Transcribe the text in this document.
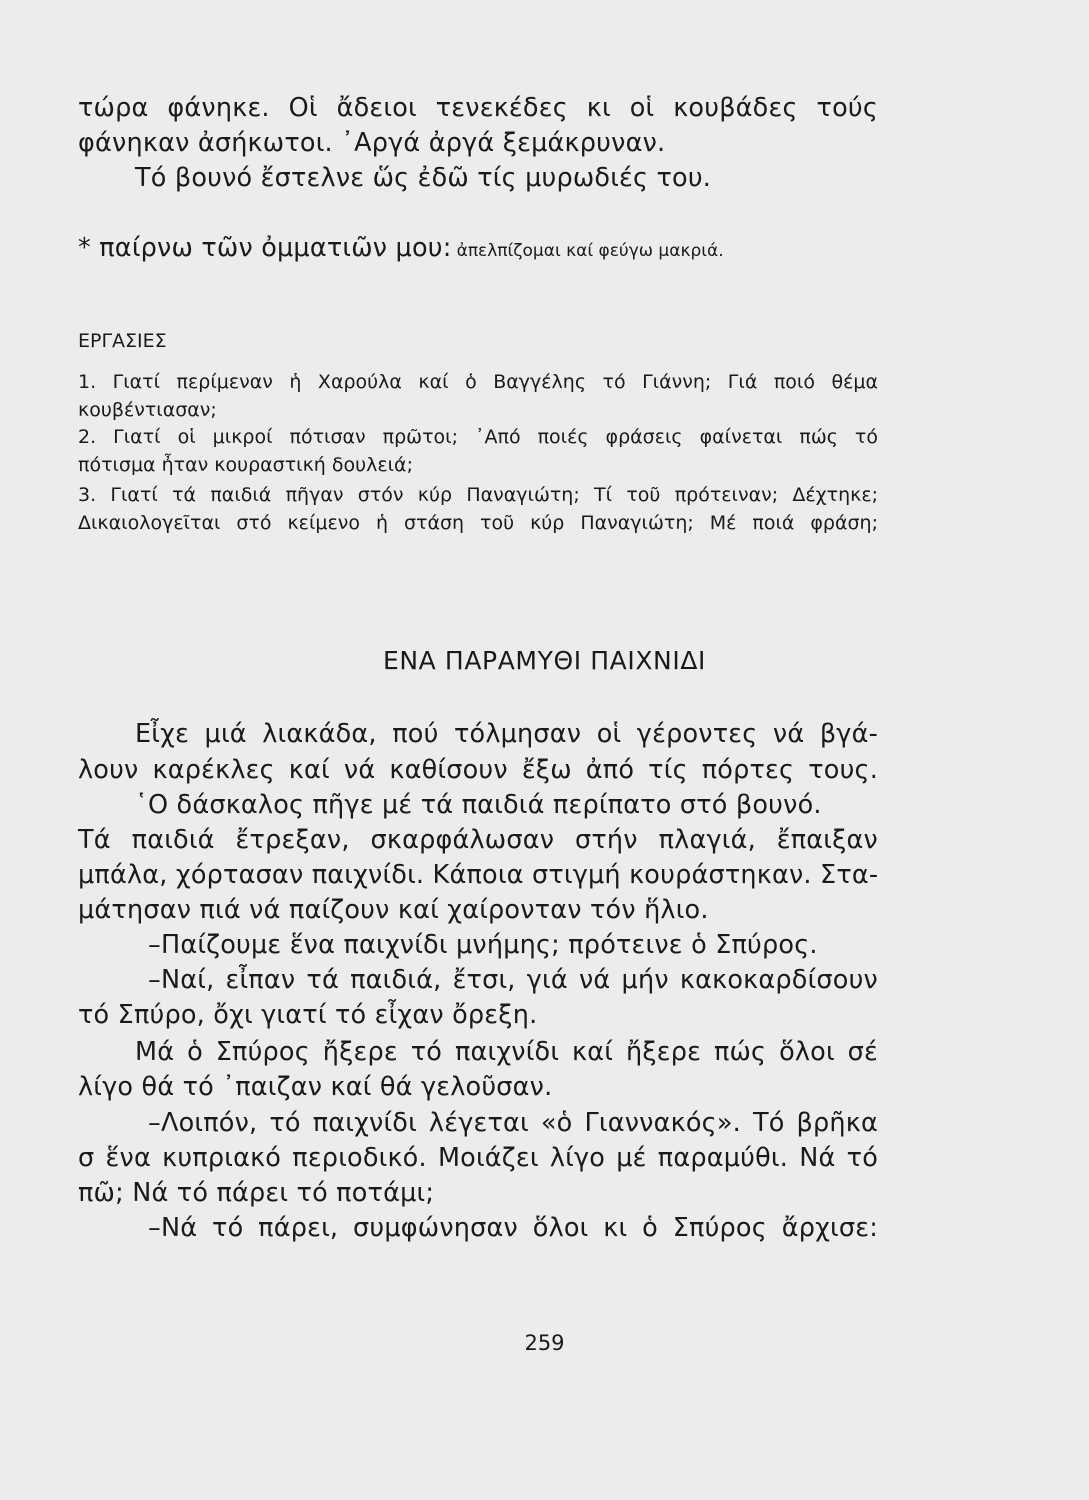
τώρα φάνηκε. Οἱ ἄδειοι τενεκέδες κι οἱ κουβάδες τούς

φάνηκαν ἀσήκωτοι. ᾿Αργά ἀργά ξεμάκρυναν.

Τό βουνό ἔστελνε ὥς ἐδῶ τίς μυρωδιές του.

* παίρνω τῶν ὀμματιῶν μου: ἀπελπίζομαι καί φεύγω μακριά.

ΕΡΓΑΣΙΕΣ

1. Γιατί περίμεναν ἡ Χαρούλα καί ὁ Βαγγέλης τό Γιάννη; Γιά ποιό θέμα

κουβέντιασαν;

2. Γιατί οἱ μικροί πότισαν πρῶτοι; ᾿Από ποιές φράσεις φαίνεται πώς τό

πότισμα ἦταν κουραστική δουλειά;

3. Γιατί τά παιδιά πῆγαν στόν κύρ Παναγιώτη; Τί τοῦ πρότειναν; Δέχτηκε;

Δικαιολογεῖται στό κείμενο ἡ στάση τοῦ κύρ Παναγιώτη; Μέ ποιά φράση;

ΕΝΑ ΠΑΡΑΜΥΘΙ ΠΑΙΧΝΙΔΙ

Εἶχε μιά λιακάδα, πού τόλμησαν οἱ γέροντες νά βγά-

λουν καρέκλες καί νά καθίσουν ἔξω ἀπό τίς πόρτες τους.

῾Ο δάσκαλος πῆγε μέ τά παιδιά περίπατο στό βουνό.

Τά παιδιά ἔτρεξαν, σκαρφάλωσαν στήν πλαγιά, ἔπαιξαν

μπάλα, χόρτασαν παιχνίδι. Κάποια στιγμή κουράστηκαν. Στα-

μάτησαν πιά νά παίζουν καί χαίρονταν τόν ἥλιο.

–Παίζουμε ἕνα παιχνίδι μνήμης; πρότεινε ὁ Σπύρος.

–Ναί, εἶπαν τά παιδιά, ἔτσι, γιά νά μήν κακοκαρδίσουν

τό Σπύρο, ὄχι γιατί τό εἶχαν ὄρεξη.

Μά ὁ Σπύρος ἤξερε τό παιχνίδι καί ἤξερε πώς ὅλοι σέ

λίγο θά τό ᾿παιζαν καί θά γελοῦσαν.

–Λοιπόν, τό παιχνίδι λέγεται «ὁ Γιαννακός». Τό βρῆκα

σ ἕνα κυπριακό περιοδικό. Μοιάζει λίγο μέ παραμύθι. Νά τό

πῶ; Νά τό πάρει τό ποτάμι;

–Νά τό πάρει, συμφώνησαν ὅλοι κι ὁ Σπύρος ἄρχισε:

259
